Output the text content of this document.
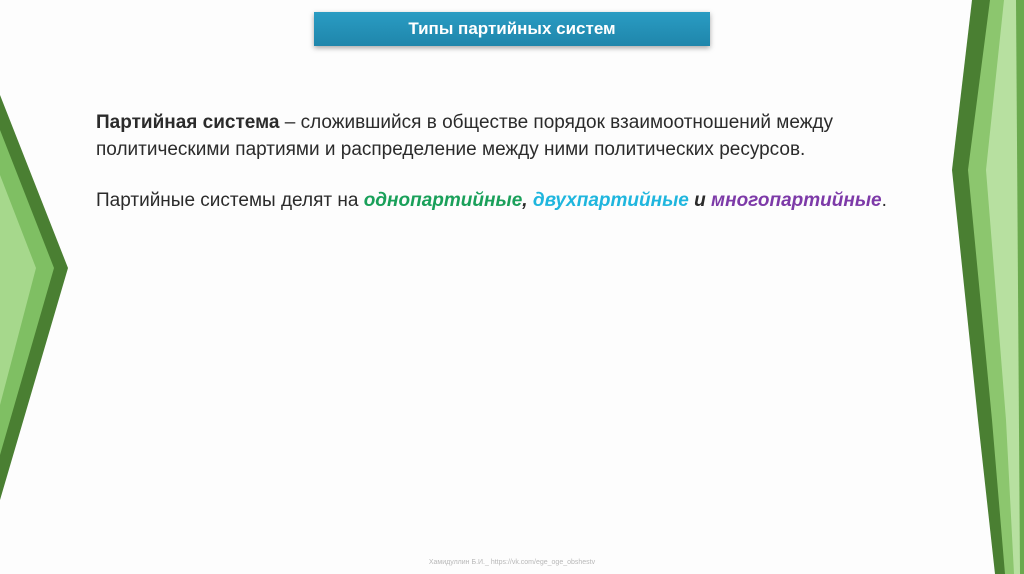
Типы партийных систем
Партийная система – сложившийся в обществе порядок взаимоотношений между
политическими партиями и распределение между ними политических ресурсов.
Партийные системы делят на однопартийные, двухпартийные и многопартийные.
Хамидуллин Б.И._ https://vk.com/ege_oge_obshestv
